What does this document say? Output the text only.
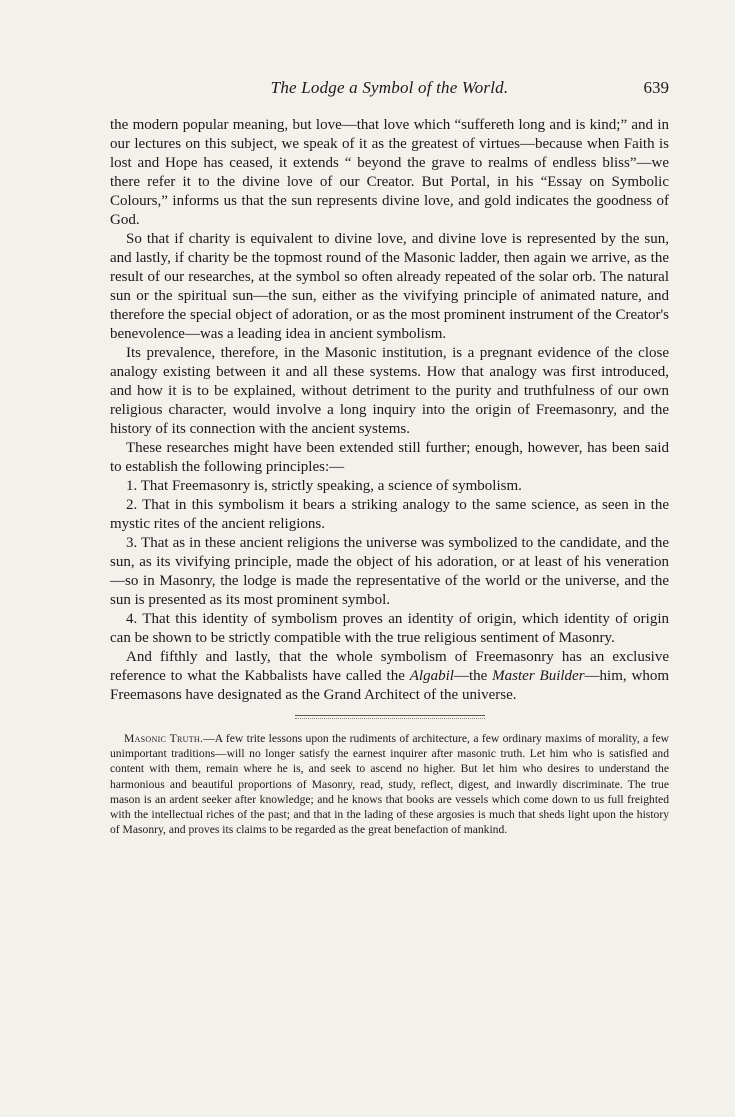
The Lodge a Symbol of the World.	639

the modern popular meaning, but love—that love which “suffereth long and is kind;” and in our lectures on this subject, we speak of it as the greatest of virtues—because when Faith is lost and Hope has ceased, it extends “ beyond the grave to realms of endless bliss”—we there refer it to the divine love of our Creator. But Portal, in his “Essay on Symbolic Colours,” informs us that the sun represents divine love, and gold indicates the goodness of God.

So that if charity is equivalent to divine love, and divine love is represented by the sun, and lastly, if charity be the topmost round of the Masonic ladder, then again we arrive, as the result of our researches, at the symbol so often already repeated of the solar orb. The natural sun or the spiritual sun—the sun, either as the vivifying principle of animated nature, and therefore the special object of adoration, or as the most prominent instrument of the Creator's benevolence—was a leading idea in ancient symbolism.

Its prevalence, therefore, in the Masonic institution, is a pregnant evidence of the close analogy existing between it and all these systems. How that analogy was first introduced, and how it is to be explained, without detriment to the purity and truthfulness of our own religious character, would involve a long inquiry into the origin of Freemasonry, and the history of its connection with the ancient systems.

These researches might have been extended still further; enough, however, has been said to establish the following principles:—

1. That Freemasonry is, strictly speaking, a science of symbolism.

2. That in this symbolism it bears a striking analogy to the same science, as seen in the mystic rites of the ancient religions.

3. That as in these ancient religions the universe was symbolized to the candidate, and the sun, as its vivifying principle, made the object of his adoration, or at least of his veneration—so in Masonry, the lodge is made the representative of the world or the universe, and the sun is presented as its most prominent symbol.

4. That this identity of symbolism proves an identity of origin, which identity of origin can be shown to be strictly compatible with the true religious sentiment of Masonry.

And fifthly and lastly, that the whole symbolism of Freemasonry has an exclusive reference to what the Kabbalists have called the Algabil—the Master Builder—him, whom Freemasons have designated as the Grand Architect of the universe.

Masonic Truth.—A few trite lessons upon the rudiments of architecture, a few ordinary maxims of morality, a few unimportant traditions—will no longer satisfy the earnest inquirer after masonic truth. Let him who is satisfied and content with them, remain where he is, and seek to ascend no higher. But let him who desires to understand the harmonious and beautiful proportions of Masonry, read, study, reflect, digest, and inwardly discriminate. The true mason is an ardent seeker after knowledge; and he knows that books are vessels which come down to us full freighted with the intellectual riches of the past; and that in the lading of these argosies is much that sheds light upon the history of Masonry, and proves its claims to be regarded as the great benefaction of mankind.
